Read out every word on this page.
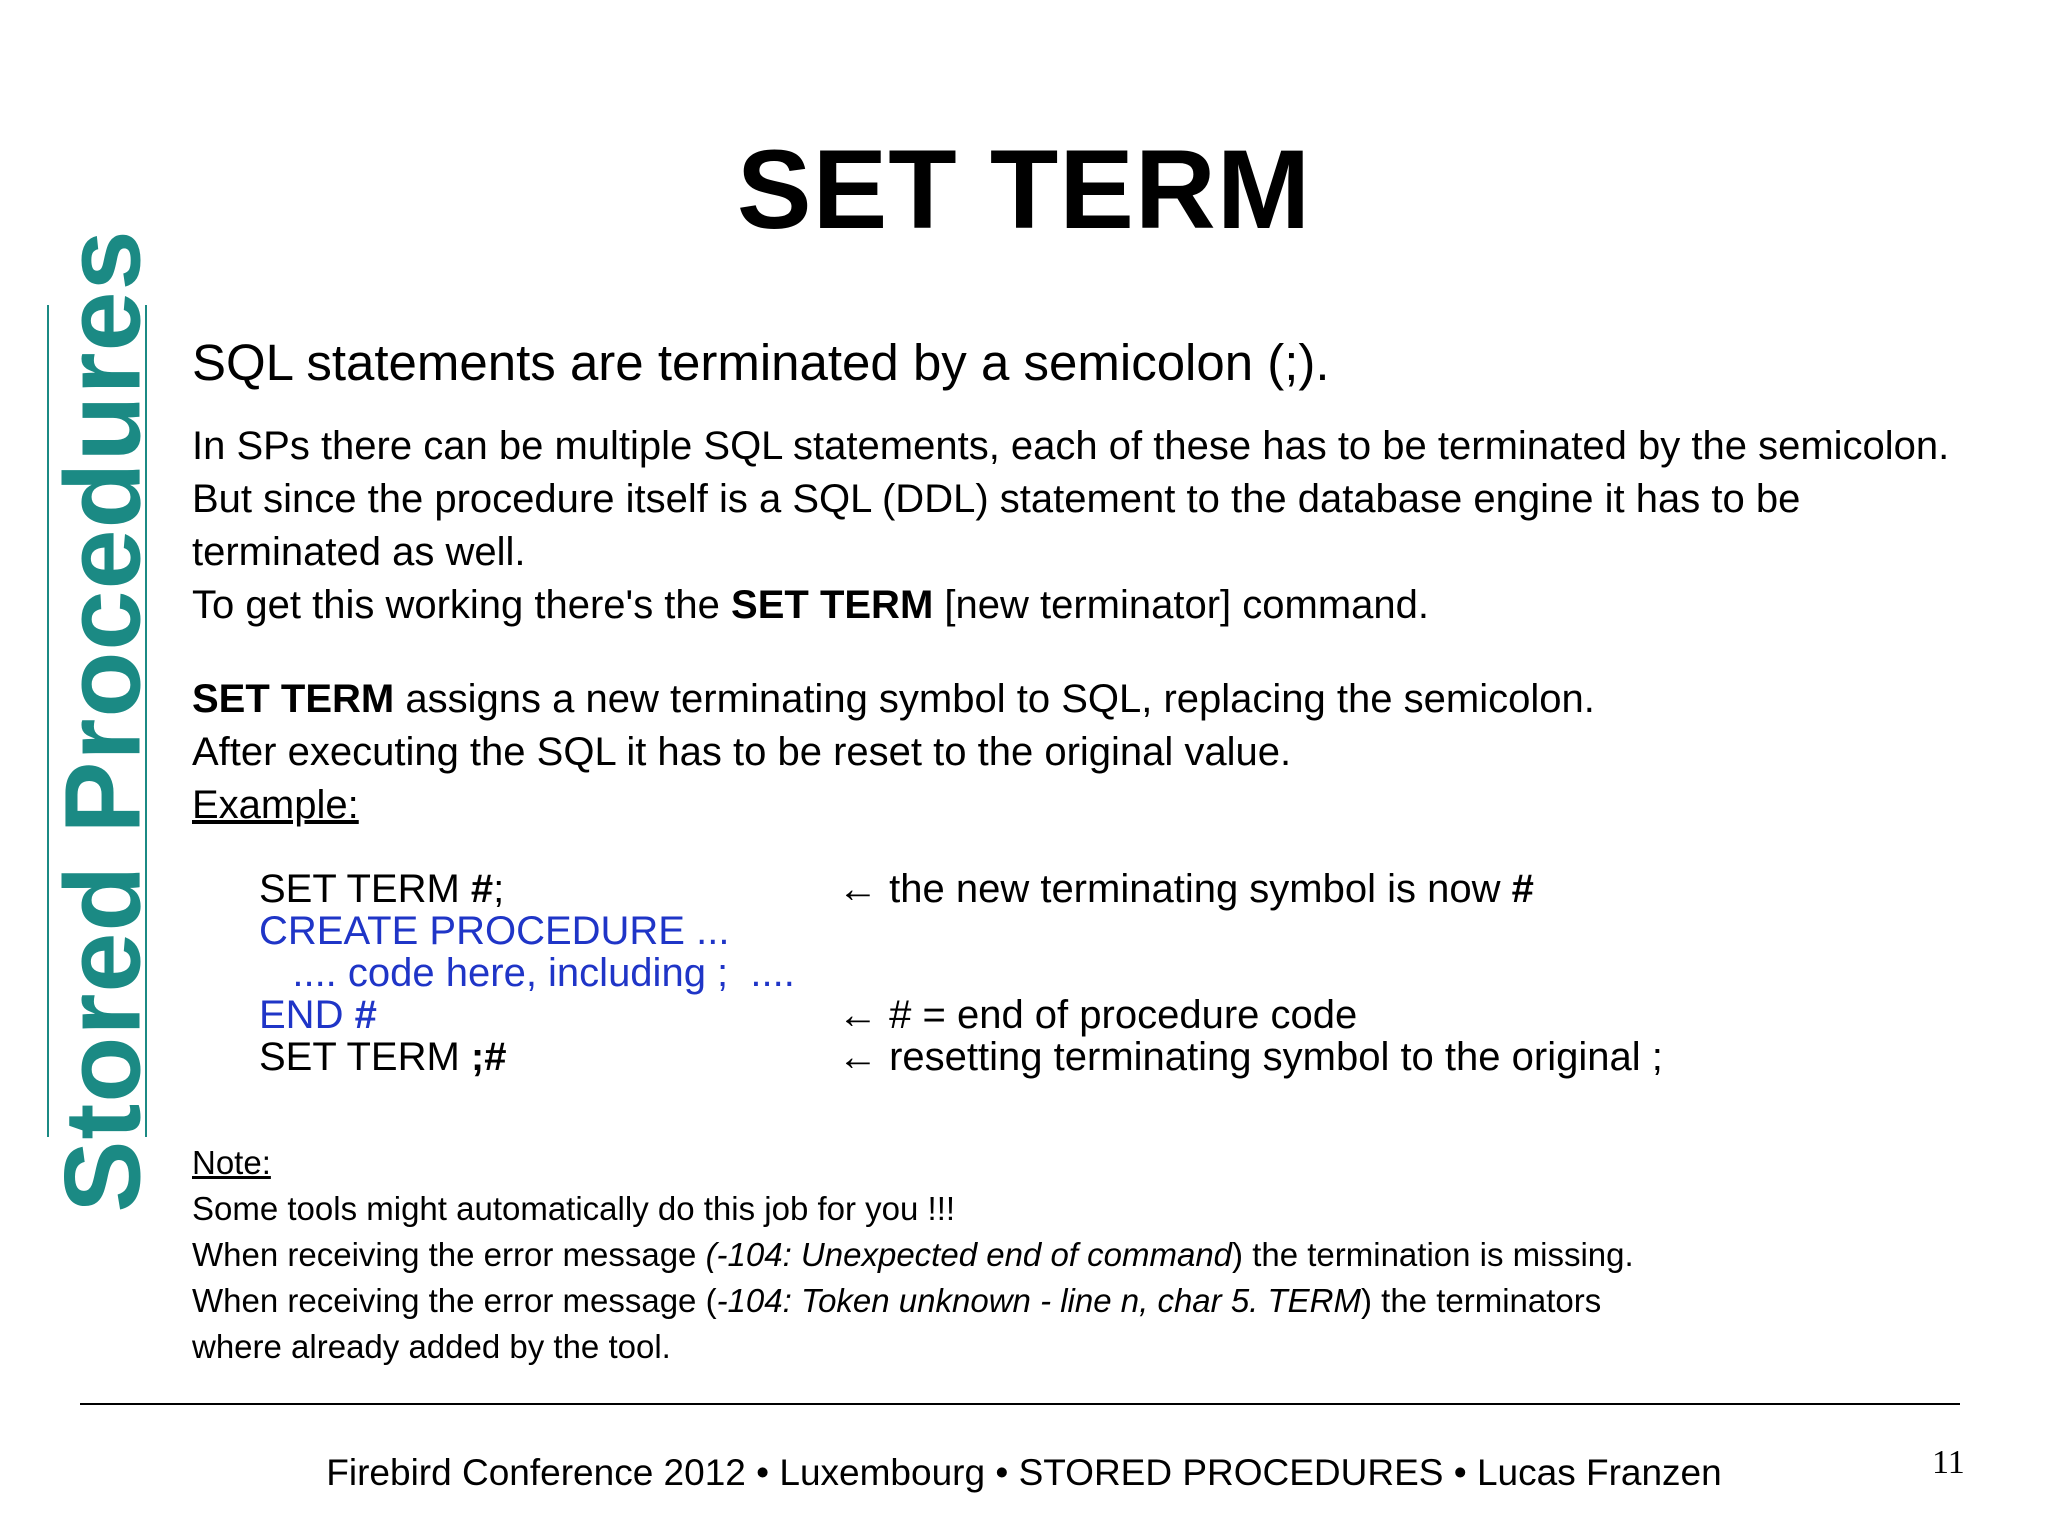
SET TERM
Stored Procedures SQL statements are terminated by a semicolon (;).
In SPs there can be multiple SQL statements, each of these has to be terminated by the semicolon.
But since the procedure itself is a SQL (DDL) statement to the database engine it has to be
terminated as well.
To get this working there's the SET TERM [new terminator] command.
SET TERM assigns a new terminating symbol to SQL, replacing the semicolon.
After executing the SQL it has to be reset to the original value.
Example:
SET TERM #;
CREATE PROCEDURE ...
.... code here, including ;  ....
END #
SET TERM ;#
← the new terminating symbol is now #
← # = end of procedure code
← resetting terminating symbol to the original ;
Note:
Some tools might automatically do this job for you !!!
When receiving the error message (-104: Unexpected end of command) the termination is missing.
When receiving the error message (-104: Token unknown - line n, char 5. TERM) the terminators
where already added by the tool.
Firebird Conference 2012 • Luxembourg • STORED PROCEDURES • Lucas Franzen	11
